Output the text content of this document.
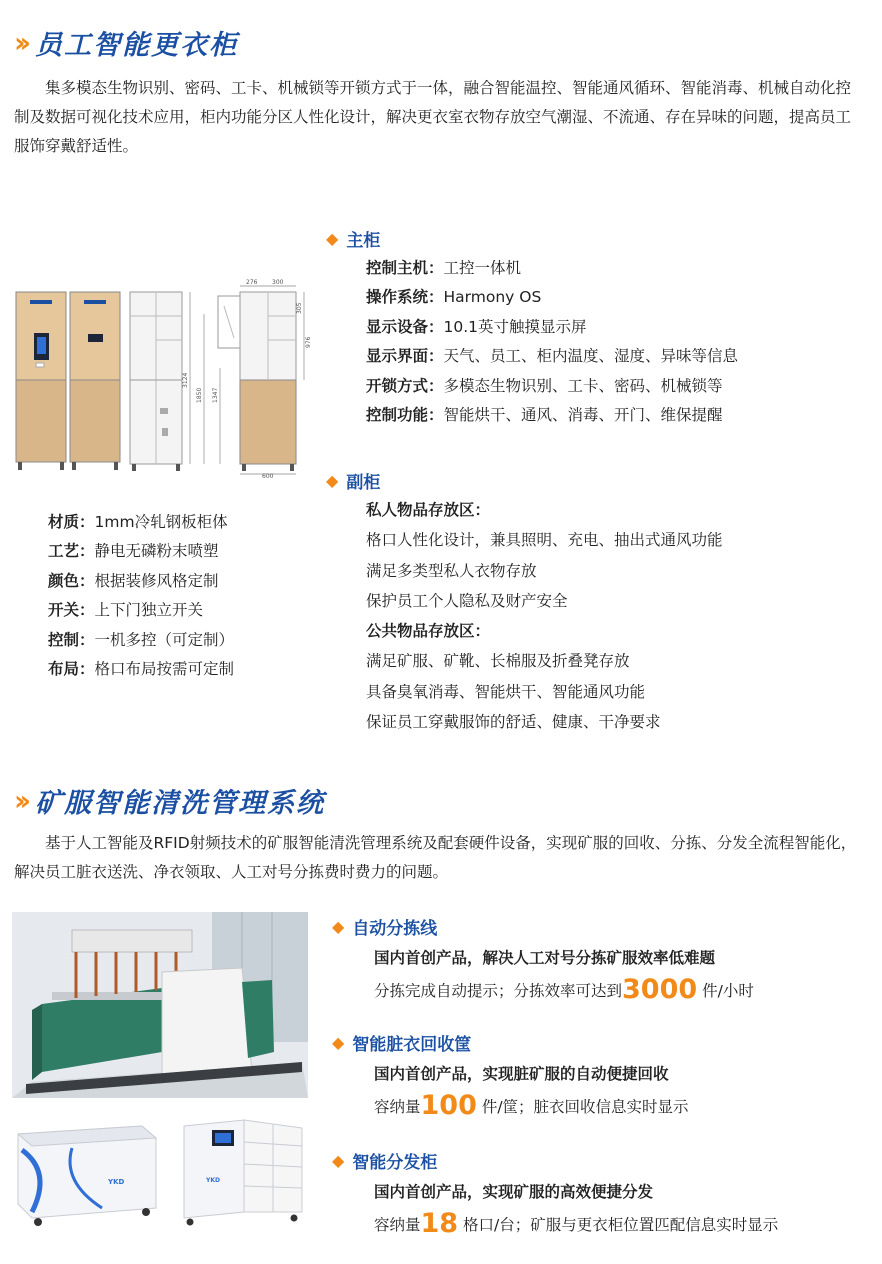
›› 员工智能更衣柜
集多模态生物识别、密码、工卡、机械锁等开锁方式于一体，融合智能温控、智能通风循环、智能消毒、机械自动化控制及数据可视化技术应用，柜内功能分区人性化设计，解决更衣室衣物存放空气潮湿、不流通、存在异味的问题，提高员工服饰穿戴舒适性。
3124
1850 1347
276 300
305
976
600
材质：1mm冷轧钢板柜体
工艺：静电无磷粉末喷塑
颜色：根据装修风格定制
开关：上下门独立开关
控制：一机多控（可定制）
布局：格口布局按需可定制
◆ 主柜
控制主机：工控一体机
操作系统：Harmony OS
显示设备：10.1英寸触摸显示屏
显示界面：天气、员工、柜内温度、湿度、异味等信息
开锁方式：多模态生物识别、工卡、密码、机械锁等
控制功能：智能烘干、通风、消毒、开门、维保提醒
◆ 副柜
私人物品存放区：
格口人性化设计，兼具照明、充电、抽出式通风功能
满足多类型私人衣物存放
保护员工个人隐私及财产安全
公共物品存放区：
满足矿服、矿靴、长棉服及折叠凳存放
具备臭氧消毒、智能烘干、智能通风功能
保证员工穿戴服饰的舒适、健康、干净要求
›› 矿服智能清洗管理系统
基于人工智能及RFID射频技术的矿服智能清洗管理系统及配套硬件设备，实现矿服的回收、分拣、分发全流程智能化，解决员工脏衣送洗、净衣领取、人工对号分拣费时费力的问题。
YKD	YKD
◆ 自动分拣线
国内首创产品，解决人工对号分拣矿服效率低难题
分拣完成自动提示；分拣效率可达到3000 件/小时
◆ 智能脏衣回收筐
国内首创产品，实现脏矿服的自动便捷回收
容纳量100 件/筐；脏衣回收信息实时显示
◆ 智能分发柜
国内首创产品，实现矿服的高效便捷分发
容纳量18 格口/台；矿服与更衣柜位置匹配信息实时显示
